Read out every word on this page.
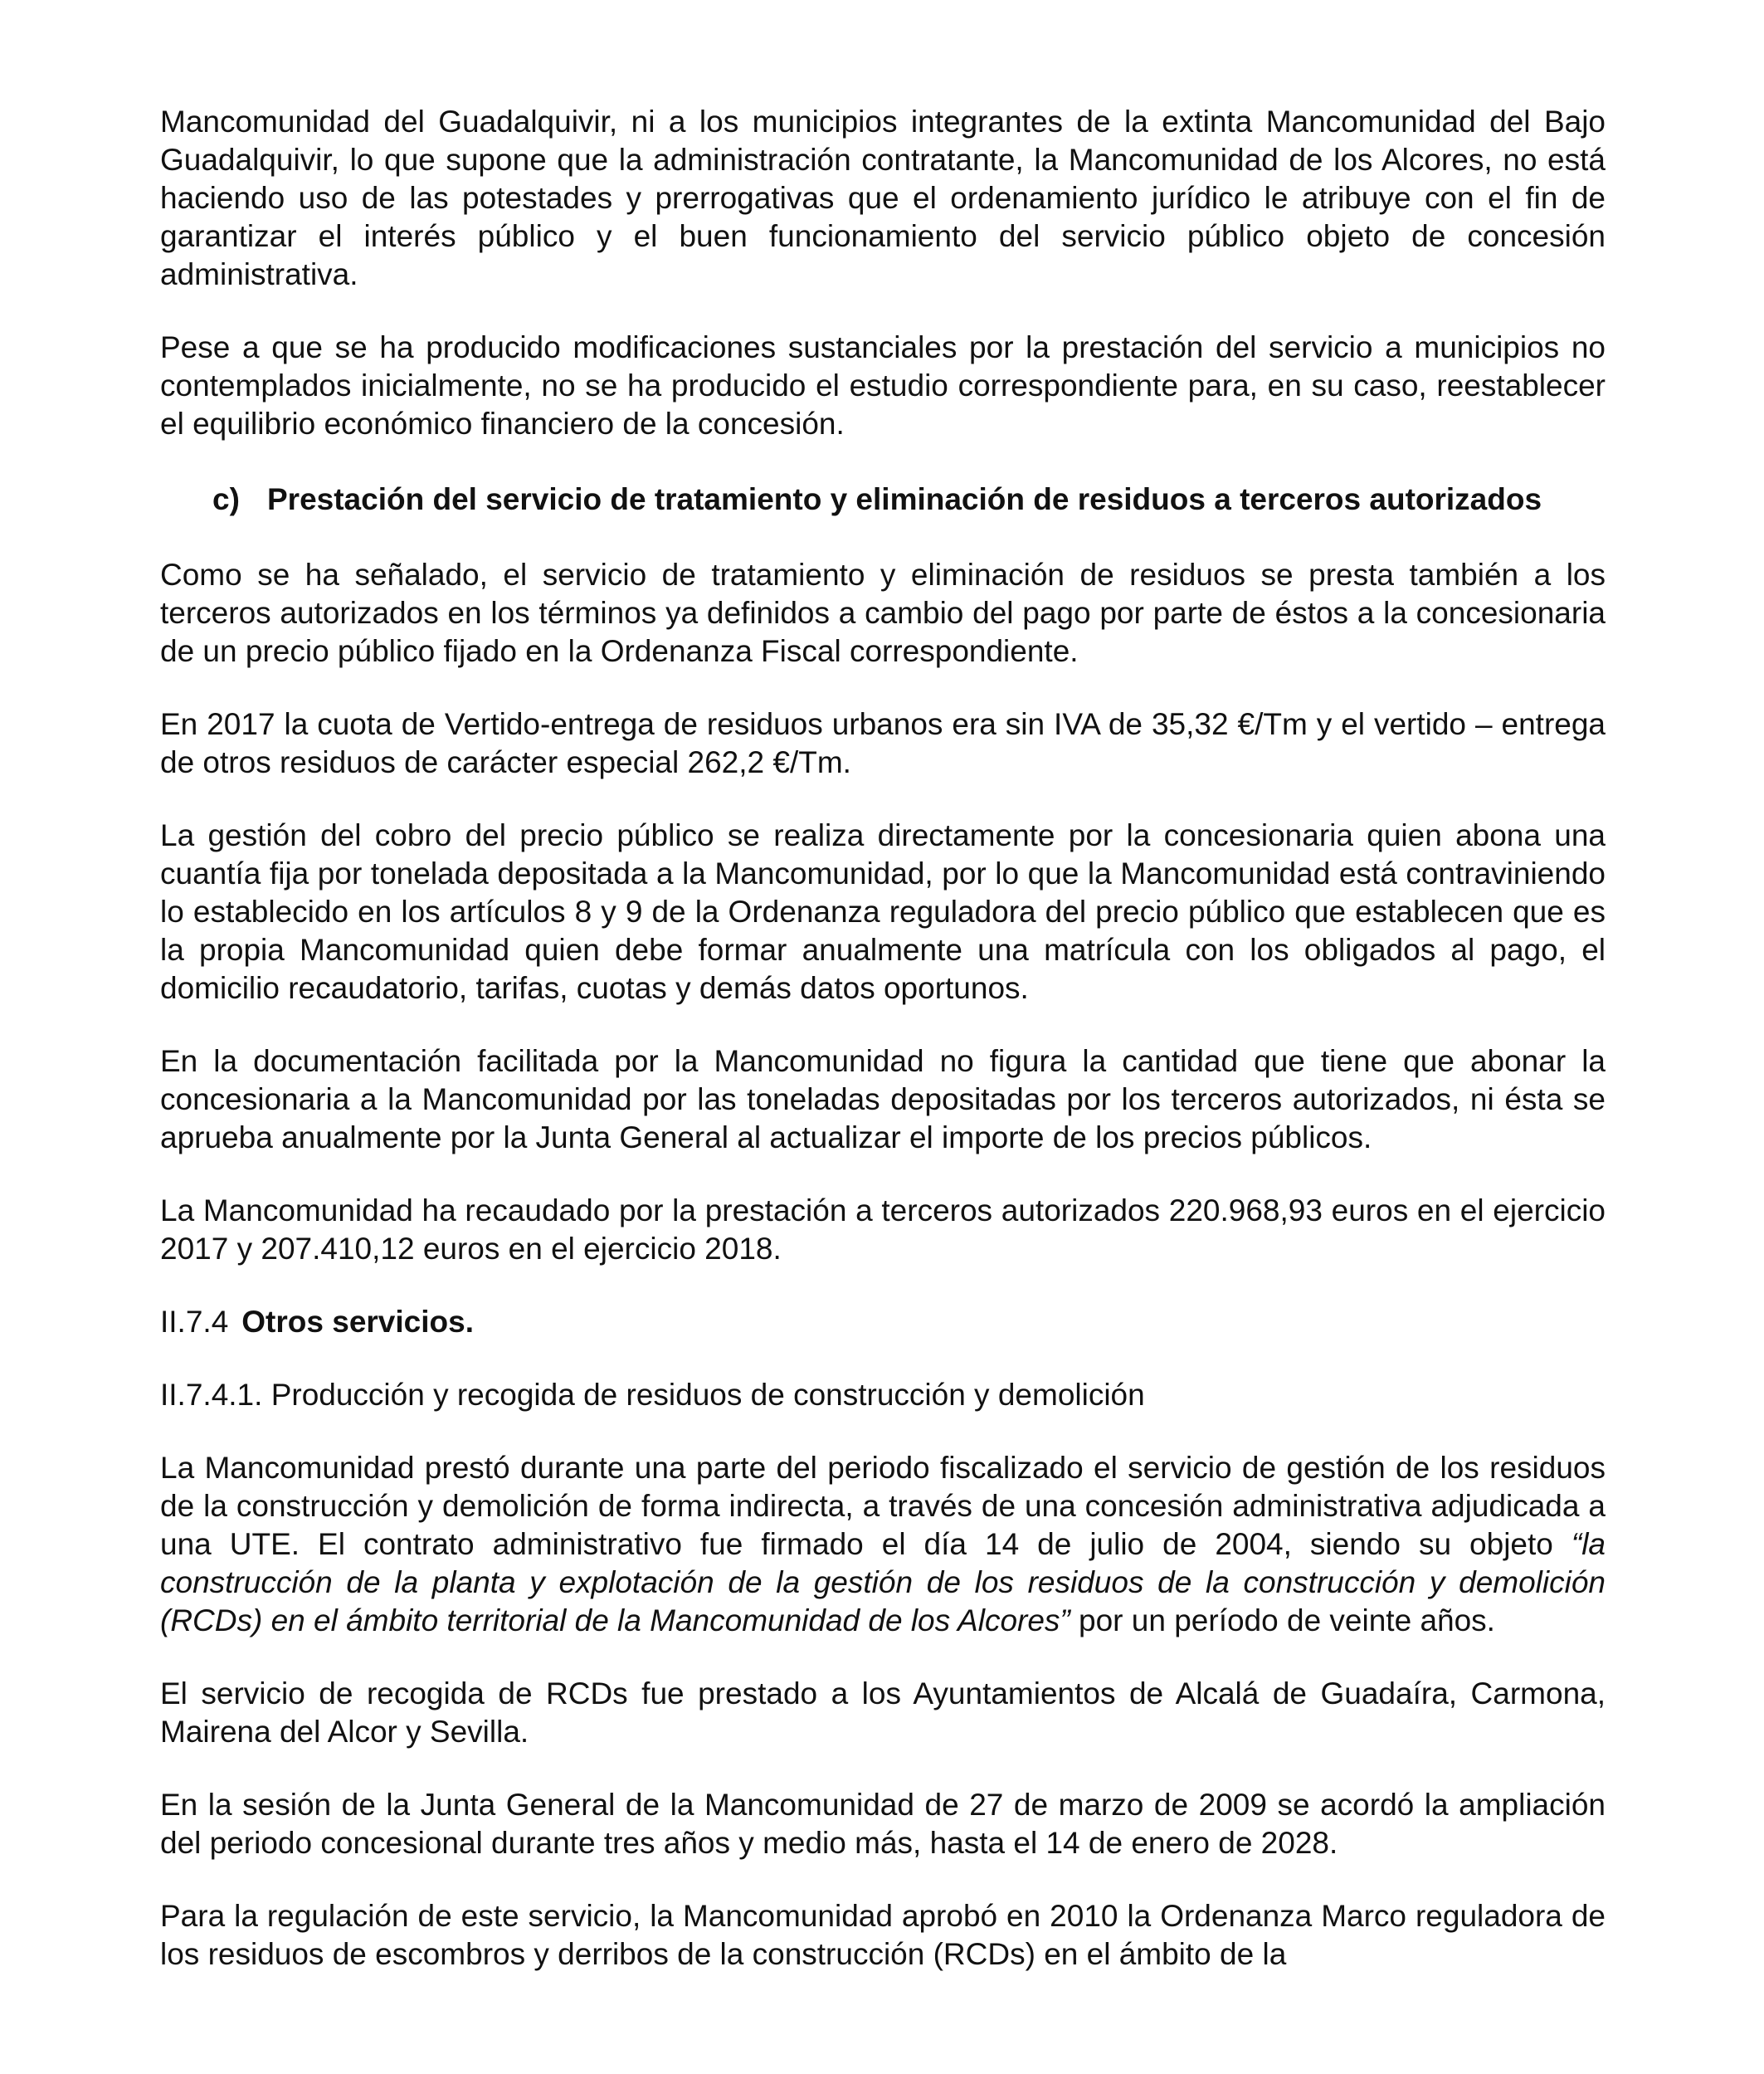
Mancomunidad del Guadalquivir, ni a los municipios integrantes de la extinta Mancomunidad del Bajo Guadalquivir, lo que supone que la administración contratante, la Mancomunidad de los Alcores, no está haciendo uso de las potestades y prerrogativas que el ordenamiento jurídico le atribuye con el fin de garantizar el interés público y el buen funcionamiento del servicio público objeto de concesión administrativa.

Pese a que se ha producido modificaciones sustanciales por la prestación del servicio a municipios no contemplados inicialmente, no se ha producido el estudio correspondiente para, en su caso, reestablecer el equilibrio económico financiero de la concesión.

c) Prestación del servicio de tratamiento y eliminación de residuos a terceros autorizados

Como se ha señalado, el servicio de tratamiento y eliminación de residuos se presta también a los terceros autorizados en los términos ya definidos a cambio del pago por parte de éstos a la concesionaria de un precio público fijado en la Ordenanza Fiscal correspondiente.

En 2017 la cuota de Vertido-entrega de residuos urbanos era sin IVA de 35,32 €/Tm y el vertido – entrega de otros residuos de carácter especial 262,2 €/Tm.

La gestión del cobro del precio público se realiza directamente por la concesionaria quien abona una cuantía fija por tonelada depositada a la Mancomunidad, por lo que la Mancomunidad está contraviniendo lo establecido en los artículos 8 y 9 de la Ordenanza reguladora del precio público que establecen que es la propia Mancomunidad quien debe formar anualmente una matrícula con los obligados al pago, el domicilio recaudatorio, tarifas, cuotas y demás datos oportunos.

En la documentación facilitada por la Mancomunidad no figura la cantidad que tiene que abonar la concesionaria a la Mancomunidad por las toneladas depositadas por los terceros autorizados, ni ésta se aprueba anualmente por la Junta General al actualizar el importe de los precios públicos.

La Mancomunidad ha recaudado por la prestación a terceros autorizados 220.968,93 euros en el ejercicio 2017 y 207.410,12 euros en el ejercicio 2018.

II.7.4 Otros servicios.
II.7.4.1. Producción y recogida de residuos de construcción y demolición

La Mancomunidad prestó durante una parte del periodo fiscalizado el servicio de gestión de los residuos de la construcción y demolición de forma indirecta, a través de una concesión administrativa adjudicada a una UTE. El contrato administrativo fue firmado el día 14 de julio de 2004, siendo su objeto “la construcción de la planta y explotación de la gestión de los residuos de la construcción y demolición (RCDs) en el ámbito territorial de la Mancomunidad de los Alcores” por un período de veinte años.

El servicio de recogida de RCDs fue prestado a los Ayuntamientos de Alcalá de Guadaíra, Carmona, Mairena del Alcor y Sevilla.

En la sesión de la Junta General de la Mancomunidad de 27 de marzo de 2009 se acordó la ampliación del periodo concesional durante tres años y medio más, hasta el 14 de enero de 2028.

Para la regulación de este servicio, la Mancomunidad aprobó en 2010 la Ordenanza Marco reguladora de los residuos de escombros y derribos de la construcción (RCDs) en el ámbito de la
